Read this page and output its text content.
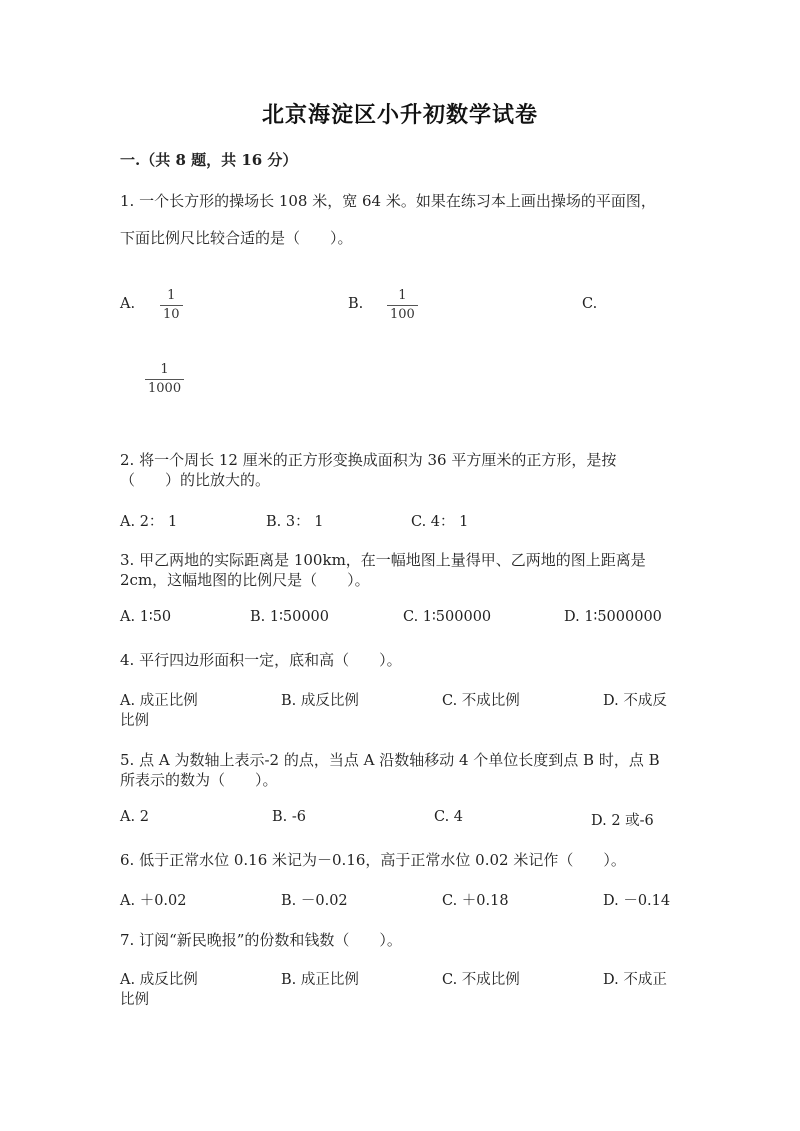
北京海淀区小升初数学试卷
一.（共 8 题，共 16 分）
1. 一个长方形的操场长 108 米，宽 64 米。如果在练习本上画出操场的平面图，
下面比例尺比较合适的是（　　）。
A.
1
10
B.
1
100
C.
1
1000
2. 将一个周长 12 厘米的正方形变换成面积为 36 平方厘米的正方形，是按
（　　）的比放大的。
A. 2： 1	B. 3： 1	C. 4： 1
3. 甲乙两地的实际距离是 100km，在一幅地图上量得甲、乙两地的图上距离是
2cm，这幅地图的比例尺是（　　）。
A. 1∶50	B. 1∶50000	C. 1∶500000	D. 1∶5000000
4. 平行四边形面积一定，底和高（　　）。
A. 成正比例	B. 成反比例	C. 不成比例	D. 不成反
比例
5. 点 A 为数轴上表示-2 的点，当点 A 沿数轴移动 4 个单位长度到点 B 时，点 B
所表示的数为（　　）。
A. 2	B. -6	C. 4	D. 2 或-6
6. 低于正常水位 0.16 米记为－0.16，高于正常水位 0.02 米记作（　　）。
A. ＋0.02	B. －0.02	C. ＋0.18	D. －0.14
7. 订阅“新民晚报”的份数和钱数（　　）。
A. 成反比例	B. 成正比例	C. 不成比例	D. 不成正
比例
